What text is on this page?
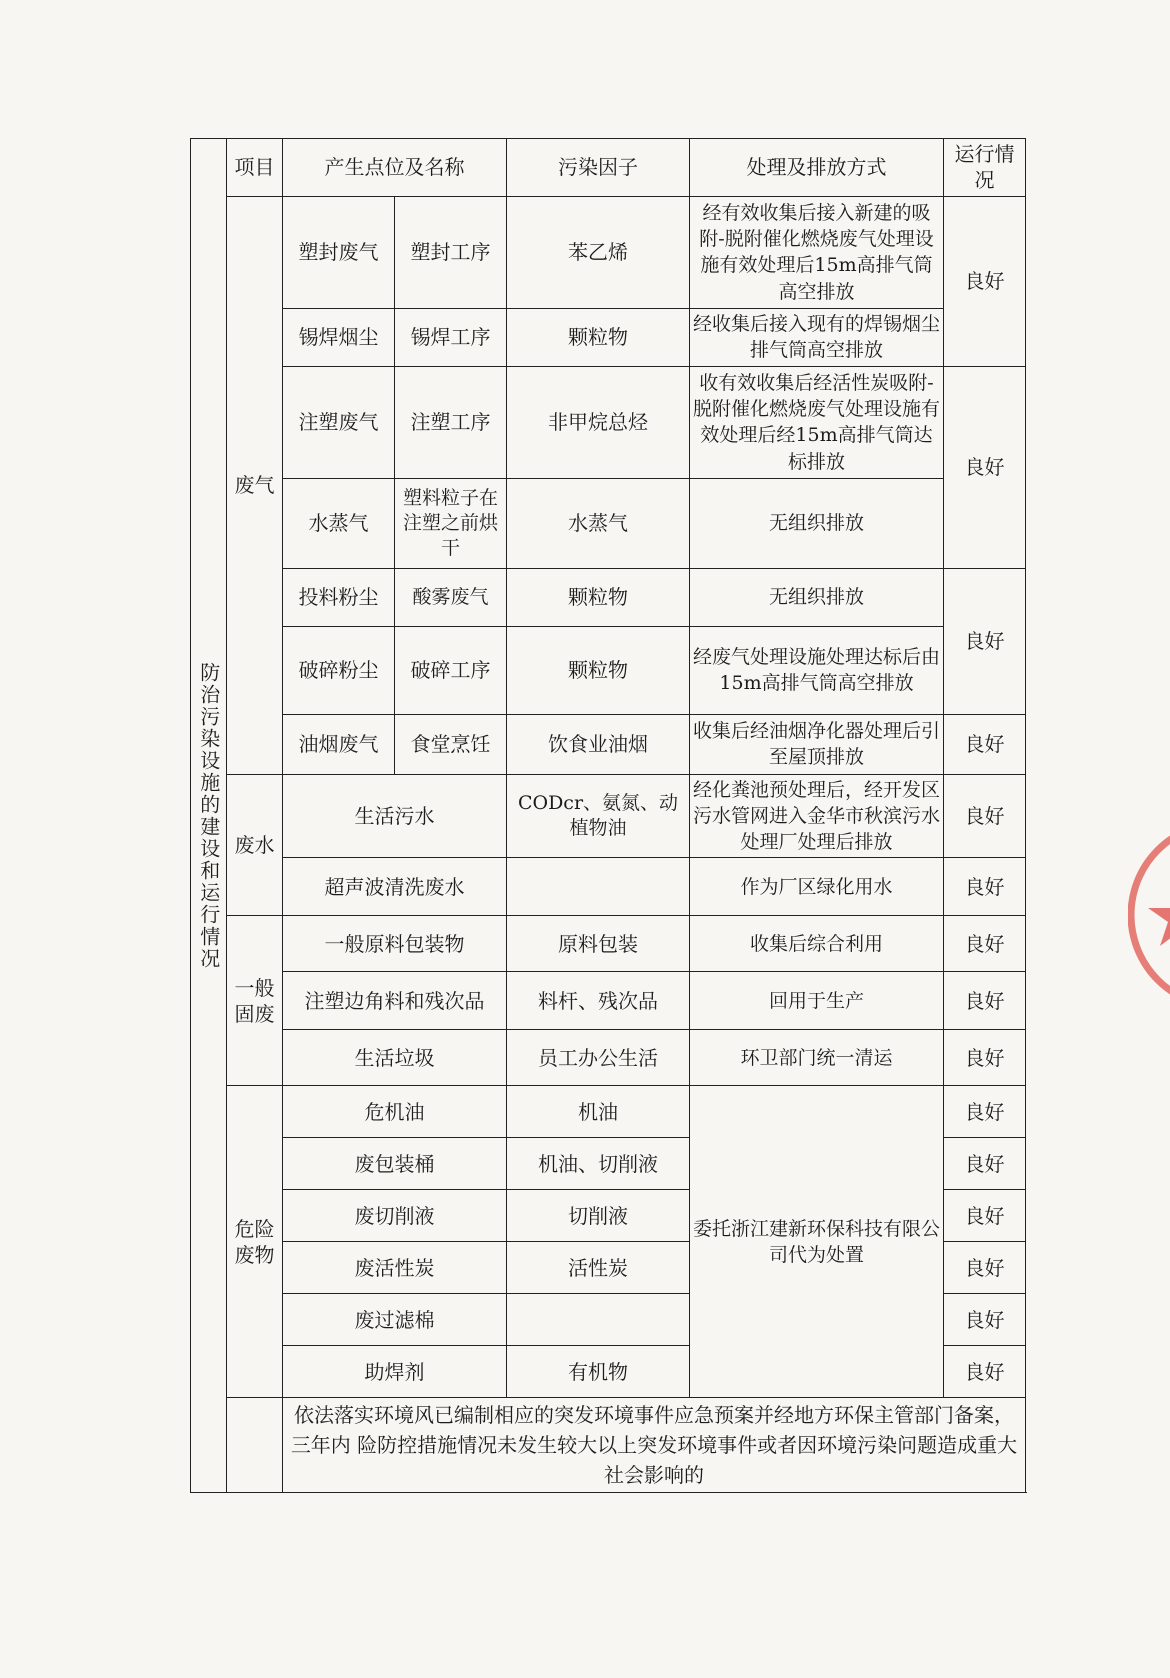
防治污染设施的建设和运行情况	项目	产生点位及名称		污染因子	处理及排放方式	运行情况
	废气	塑封废气	塑封工序	苯乙烯	经有效收集后接入新建的吸附-脱附催化燃烧废气处理设施有效处理后15m高排气筒高空排放	良好
		锡焊烟尘	锡焊工序	颗粒物	经收集后接入现有的焊锡烟尘排气筒高空排放	
		注塑废气	注塑工序	非甲烷总烃	收有效收集后经活性炭吸附-脱附催化燃烧废气处理设施有效处理后经15m高排气筒达标排放	良好
		水蒸气	塑料粒子在注塑之前烘干	水蒸气	无组织排放	
		投料粉尘	酸雾废气	颗粒物	无组织排放	良好
		破碎粉尘	破碎工序	颗粒物	经废气处理设施处理达标后由15m高排气筒高空排放	
		油烟废气	食堂烹饪	饮食业油烟	收集后经油烟净化器处理后引至屋顶排放	良好
	废水	生活污水		CODcr、氨氮、动植物油	经化粪池预处理后，经开发区污水管网进入金华市秋滨污水处理厂处理后排放	良好
		超声波清洗废水			作为厂区绿化用水	良好
	一般固废	一般原料包装物		原料包装	收集后综合利用	良好
		注塑边角料和残次品		料杆、残次品	回用于生产	良好
		生活垃圾		员工办公生活	环卫部门统一清运	良好
	危险废物	危机油		机油	委托浙江建新环保科技有限公司代为处置	良好
		废包装桶		机油、切削液		良好
		废切削液		切削液		良好
		废活性炭		活性炭		良好
		废过滤棉				良好
		助焊剂		有机物		良好
		依法落实环境风已编制相应的突发环境事件应急预案并经地方环保主管部门备案，三年内 险防控措施情况未发生较大以上突发环境事件或者因环境污染问题造成重大社会影响的				
